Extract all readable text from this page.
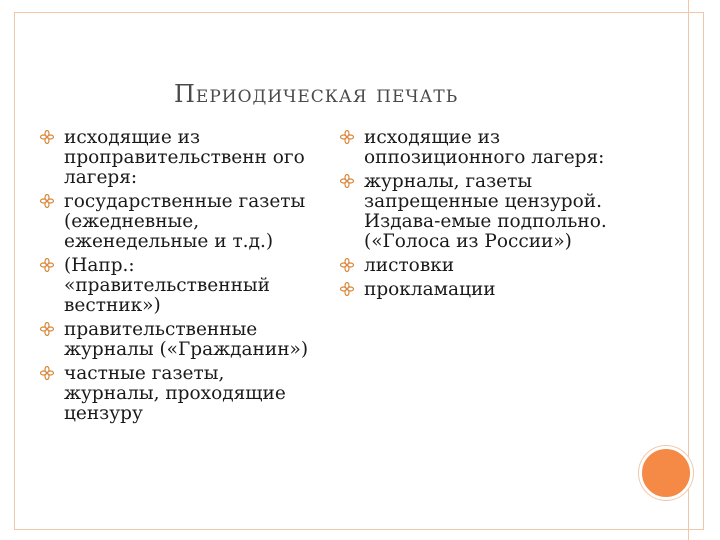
Периодическая печать
исходящие из проправительственн ого лагеря:
государственные газеты (ежедневные, еженедельные и т.д.)
(Напр.: «правительственный вестник»)
правительственные журналы («Гражданин»)
частные газеты, журналы, проходящие цензуру
исходящие из оппозиционного лагеря:
журналы, газеты запрещенные цензурой. Издава-емые подпольно. («Голоса из России»)
листовки
прокламации
